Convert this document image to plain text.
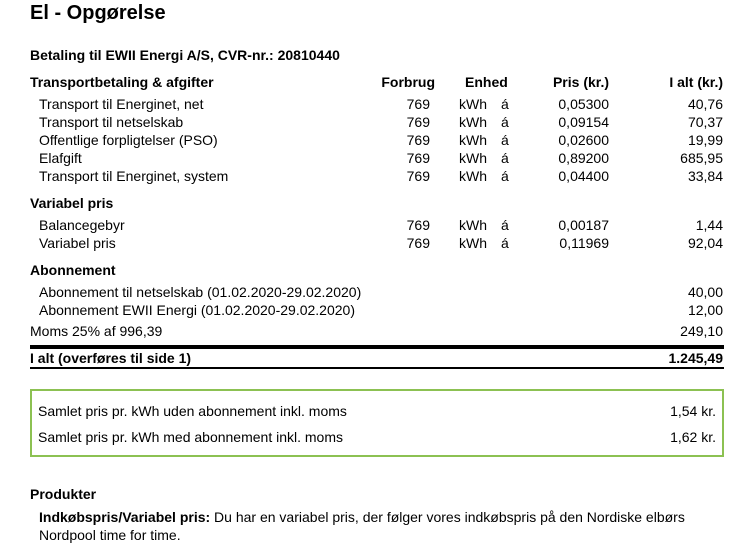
El - Opgørelse
Betaling til EWII Energi A/S, CVR-nr.: 20810440
Transportbetaling & afgifter	Forbrug Enhed	Pris (kr.)	I alt (kr.)
Transport til Energinet, net	769 kWh á	0,05300	40,76
Transport til netselskab	769 kWh á	0,09154	70,37
Offentlige forpligtelser (PSO)	769 kWh á	0,02600	19,99
Elafgift	769 kWh á	0,89200	685,95
Transport til Energinet, system	769 kWh á	0,04400	33,84
Variabel pris
Balancegebyr	769 kWh á	0,00187	1,44
Variabel pris	769 kWh á	0,11969	92,04
Abonnement
Abonnement til netselskab (01.02.2020-29.02.2020)	40,00
Abonnement EWII Energi (01.02.2020-29.02.2020)	12,00
Moms 25% af 996,39	249,10
I alt (overføres til side 1)	1.245,49
Samlet pris pr. kWh uden abonnement inkl. moms	1,54 kr.
Samlet pris pr. kWh med abonnement inkl. moms	1,62 kr.
Produkter
Indkøbspris/Variabel pris: Du har en variabel pris, der følger vores indkøbspris på den Nordiske elbørs Nordpool time for time.
